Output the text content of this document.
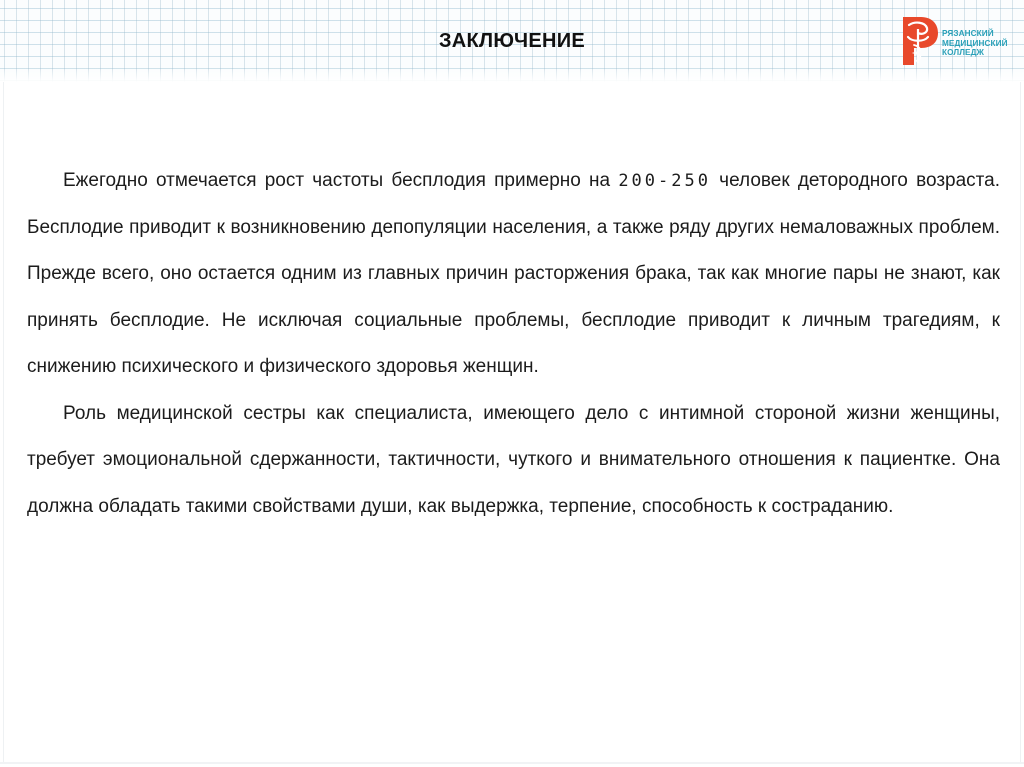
ЗАКЛЮЧЕНИЕ	РЯЗАНСКИЙ
МЕДИЦИНСКИЙ
КОЛЛЕДЖ

Ежегодно отмечается рост частоты бесплодия примерно на 200-250 человек детородного возраста. Бесплодие приводит к возникновению депопуляции населения, а также ряду других немаловажных проблем. Прежде всего, оно остается одним из главных причин расторжения брака, так как многие пары не знают, как принять бесплодие. Не исключая социальные проблемы, бесплодие приводит к личным трагедиям, к снижению психического и физического здоровья женщин.

Роль медицинской сестры как специалиста, имеющего дело с интимной стороной жизни женщины, требует эмоциональной сдержанности, тактичности, чуткого и внимательного отношения к пациентке. Она должна обладать такими свойствами души, как выдержка, терпение, способность к состраданию.
